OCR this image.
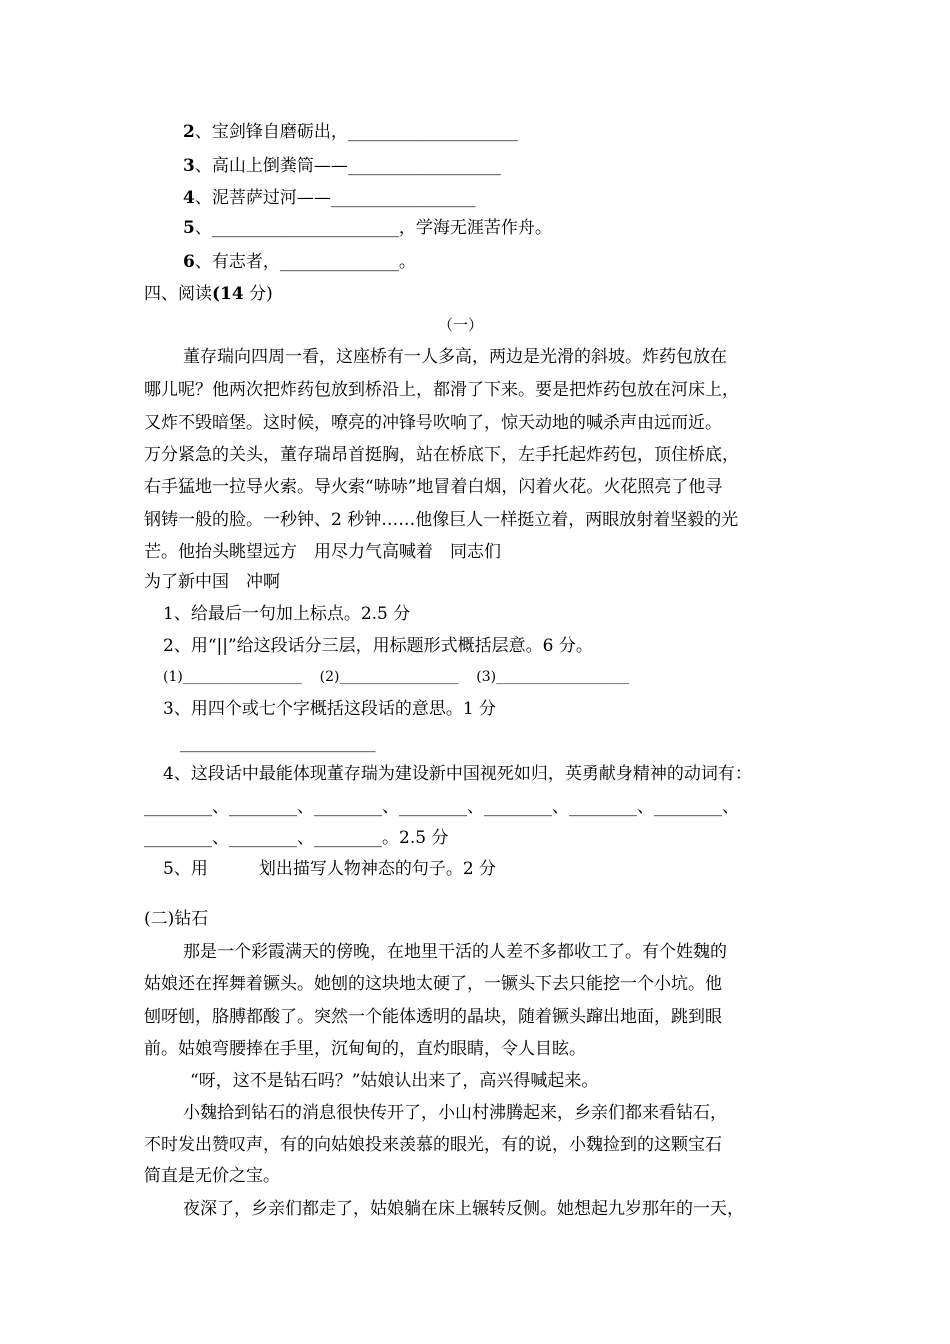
2、宝剑锋自磨砺出，____________________
3、高山上倒粪筒——__________________
4、泥菩萨过河——_________________
5、______________________，学海无涯苦作舟。
6、有志者，______________。
四、阅读(14 分)
（一）
董存瑞向四周一看，这座桥有一人多高，两边是光滑的斜坡。炸药包放在
哪儿呢？他两次把炸药包放到桥沿上，都滑了下来。要是把炸药包放在河床上，
又炸不毁暗堡。这时候，嘹亮的冲锋号吹响了，惊天动地的喊杀声由远而近。
万分紧急的关头，董存瑞昂首挺胸，站在桥底下，左手托起炸药包，顶住桥底，
右手猛地一拉导火索。导火索“哧哧”地冒着白烟，闪着火花。火花照亮了他寻
钢铸一般的脸。一秒钟、2 秒钟……他像巨人一样挺立着，两眼放射着坚毅的光
芒。他抬头眺望远方　用尽力气高喊着　同志们
为了新中国　冲啊
1、给最后一句加上标点。2.5 分
2、用“||”给这段话分三层，用标题形式概括层意。6 分。
(1)_________________    (2)_________________    (3)___________________
3、用四个或七个字概括这段话的意思。1 分
_______________________
4、这段话中最能体现董存瑞为建设新中国视死如归，英勇献身精神的动词有：
________、________、________、________、________、________、________、
________、________、________。2.5 分
5、用　　　划出描写人物神态的句子。2 分
(二)钻石
那是一个彩霞满天的傍晚，在地里干活的人差不多都收工了。有个姓魏的
姑娘还在挥舞着镢头。她刨的这块地太硬了，一镢头下去只能挖一个小坑。他
刨呀刨，胳膊都酸了。突然一个能体透明的晶块，随着镢头蹿出地面，跳到眼
前。姑娘弯腰捧在手里，沉甸甸的，直灼眼睛，令人目眩。
“呀，这不是钻石吗？”姑娘认出来了，高兴得喊起来。
小魏拾到钻石的消息很快传开了，小山村沸腾起来，乡亲们都来看钻石，
不时发出赞叹声，有的向姑娘投来羡慕的眼光，有的说，小魏捡到的这颗宝石
简直是无价之宝。
夜深了，乡亲们都走了，姑娘躺在床上辗转反侧。她想起九岁那年的一天，
